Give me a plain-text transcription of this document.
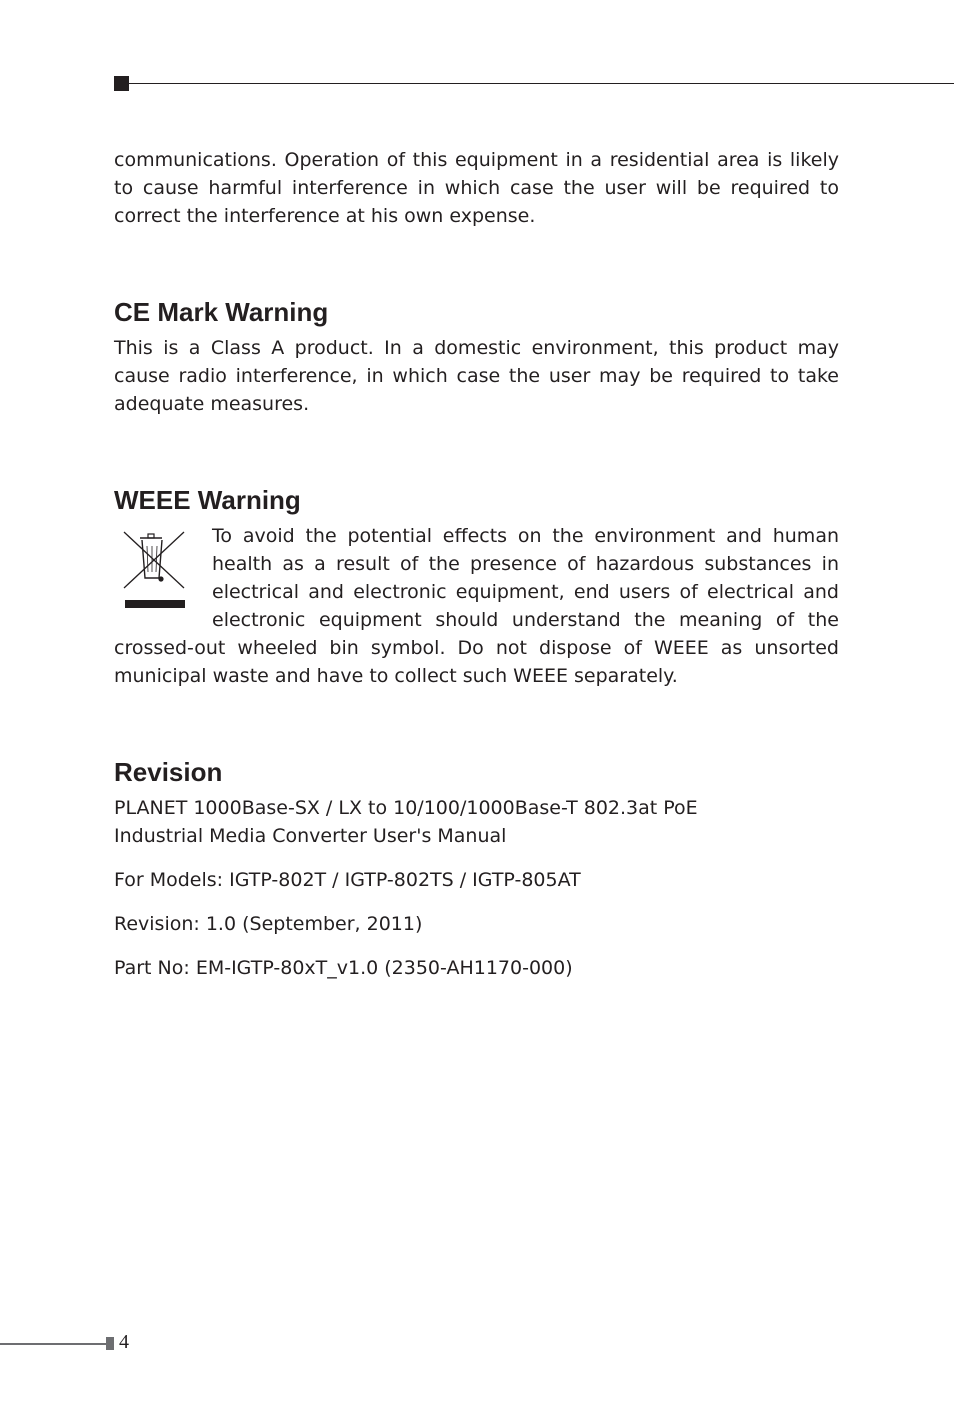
communications. Operation of this equipment in a residential area is likely to cause harmful interference in which case the user will be required to correct the interference at his own expense.

CE Mark Warning

This is a Class A product. In a domestic environment, this product may cause radio interference, in which case the user may be required to take adequate measures.

WEEE Warning

To avoid the potential effects on the environment and human health as a result of the presence of hazardous substances in electrical and electronic equipment, end users of electrical and electronic equipment should understand the meaning of the crossed-out wheeled bin symbol. Do not dispose of WEEE as unsorted municipal waste and have to collect such WEEE separately.

Revision

PLANET 1000Base-SX / LX to 10/100/1000Base-T 802.3at PoE

Industrial Media Converter User's Manual

For Models: IGTP-802T / IGTP-802TS / IGTP-805AT

Revision: 1.0 (September, 2011)

Part No: EM-IGTP-80xT_v1.0 (2350-AH1170-000)

4
